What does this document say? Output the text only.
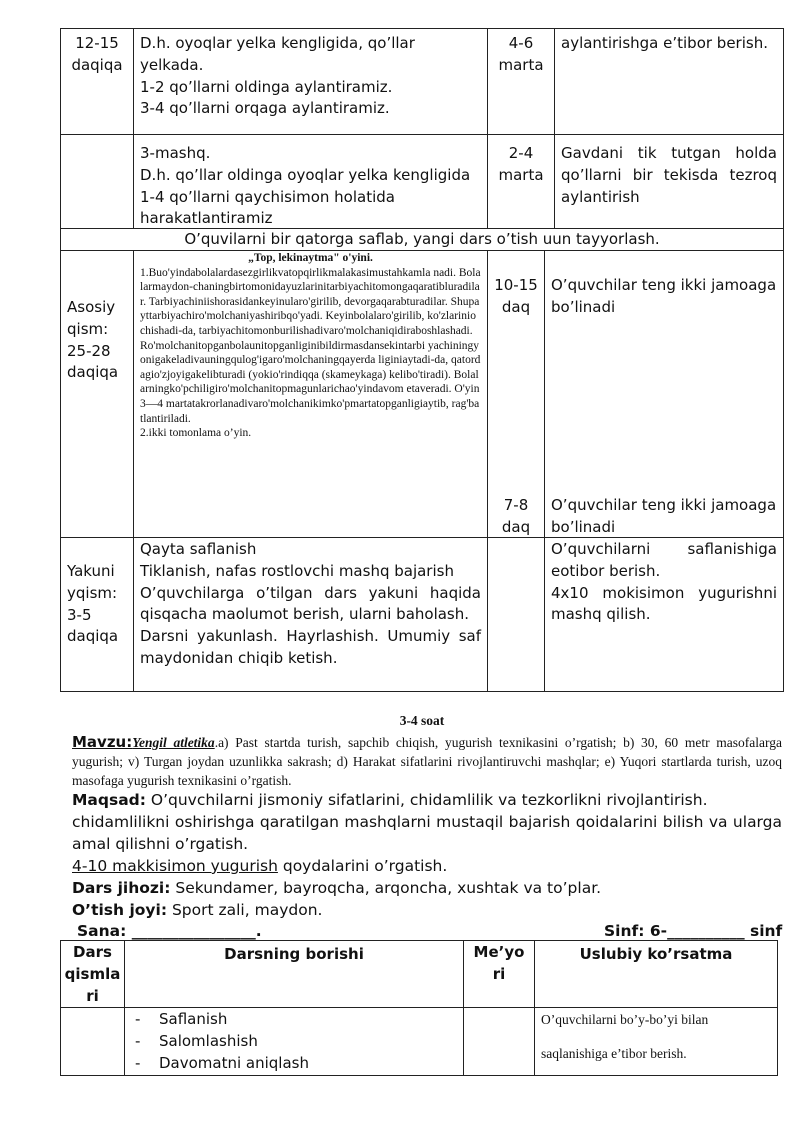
12-15

daqiqa

D.h. oyoqlar yelka kengligida, qo’llar yelkada.

1-2 qo’llarni oldinga aylantiramiz.

3-4 qo’llarni orqaga aylantiramiz.

4-6

marta

aylantirishga e’tibor berish.

3-mashq.

D.h. qo’llar oldinga oyoqlar yelka kengligida 1-4 qo’llarni qaychisimon holatida harakatlantiramiz

2-4

marta

Gavdani tik tutgan holda qo’llarni bir tekisda tezroq aylantirish

O’quvilarni bir qatorga saflab, yangi dars o’tish uun tayyorlash.

Asosiy

qism:

25-28

daqiqa

„Top, lekinaytma" o'yini.

1.Buo'yindabolalardasezgirlikvatopqirlikmalakasimustahkamla nadi. Bolalarmaydon-chaningbirtomonidayuzlarinitarbiyachitomongaqaratibluradila r. Tarbiyachiniishorasidankeyinularo'girilib, devorgaqarabturadilar. Shupayttarbiyachiro'molchaniyashiribqo'yadi. Keyinbolalaro'girilib, ko'zlariniochishadi-da, tarbiyachitomonburilishadivaro'molchaniqidiraboshlashadi. Ro'molchanitopganbolaunitopganliginibildirmasdansekintarbi yachiningyonigakeladivauningqulog'igaro'molchaningqayerda liginiaytadi-da, qatordagio'zjoyigakelibturadi (yokio'rindiqqa (skameykaga) kelibo'tiradi). Bolalarningko'pchiligiro'molchanitopmagunlarichao'yindavom etaveradi. O'yin 3—4 martatakrorlanadivaro'molchanikimko'pmartatopganligiaytib, rag'batlantiriladi.

2.ikki tomonlama o’yin.

10-15

daq

O’quvchilar teng ikki jamoaga bo’linadi

7-8

daq

O’quvchilar teng ikki jamoaga bo’linadi

Yakuni

yqism:

3-5

daqiqa

Qayta saflanish

Tiklanish, nafas rostlovchi mashq bajarish

O’quvchilarga o’tilgan dars yakuni haqida qisqacha maolumot berish, ularni baholash.

Darsni yakunlash. Hayrlashish. Umumiy saf maydonidan chiqib ketish.

O’quvchilarni saflanishiga eotibor berish.

4x10 mokisimon yugurishni mashq qilish.

3-4 soat
Mavzu:Yengil atletika.a) Past startda turish, sapchib chiqish, yugurish texnikasini o’rgatish; b) 30, 60 metr masofalarga yugurish; v) Turgan joydan uzunlikka sakrash; d) Harakat sifatlarini rivojlantiruvchi mashqlar; e) Yuqori startlarda turish, uzoq masofaga yugurish texnikasini o’rgatish.

Maqsad: O’quvchilarni jismoniy sifatlarini, chidamlilik va tezkorlikni rivojlantirish.

chidamlilikni oshirishga qaratilgan mashqlarni mustaqil bajarish qoidalarini bilish va ularga amal qilishni o’rgatish.

4-10 makkisimon yugurish qoydalarini o’rgatish.

Dars jihozi: Sekundamer, bayroqcha, arqoncha, xushtak va to’plar.

O’tish joyi: Sport zali, maydon.

Sana: ________________.	Sinf: 6-__________ sinf
Dars qismla ri
Darsning borishi	Me’yo ri
Uslubiy ko’rsatma
- Saflanish
- Salomlashish
- Davomatni aniqlash

O’quvchilarni bo’y-bo’yi bilan

saqlanishiga e’tibor berish.
